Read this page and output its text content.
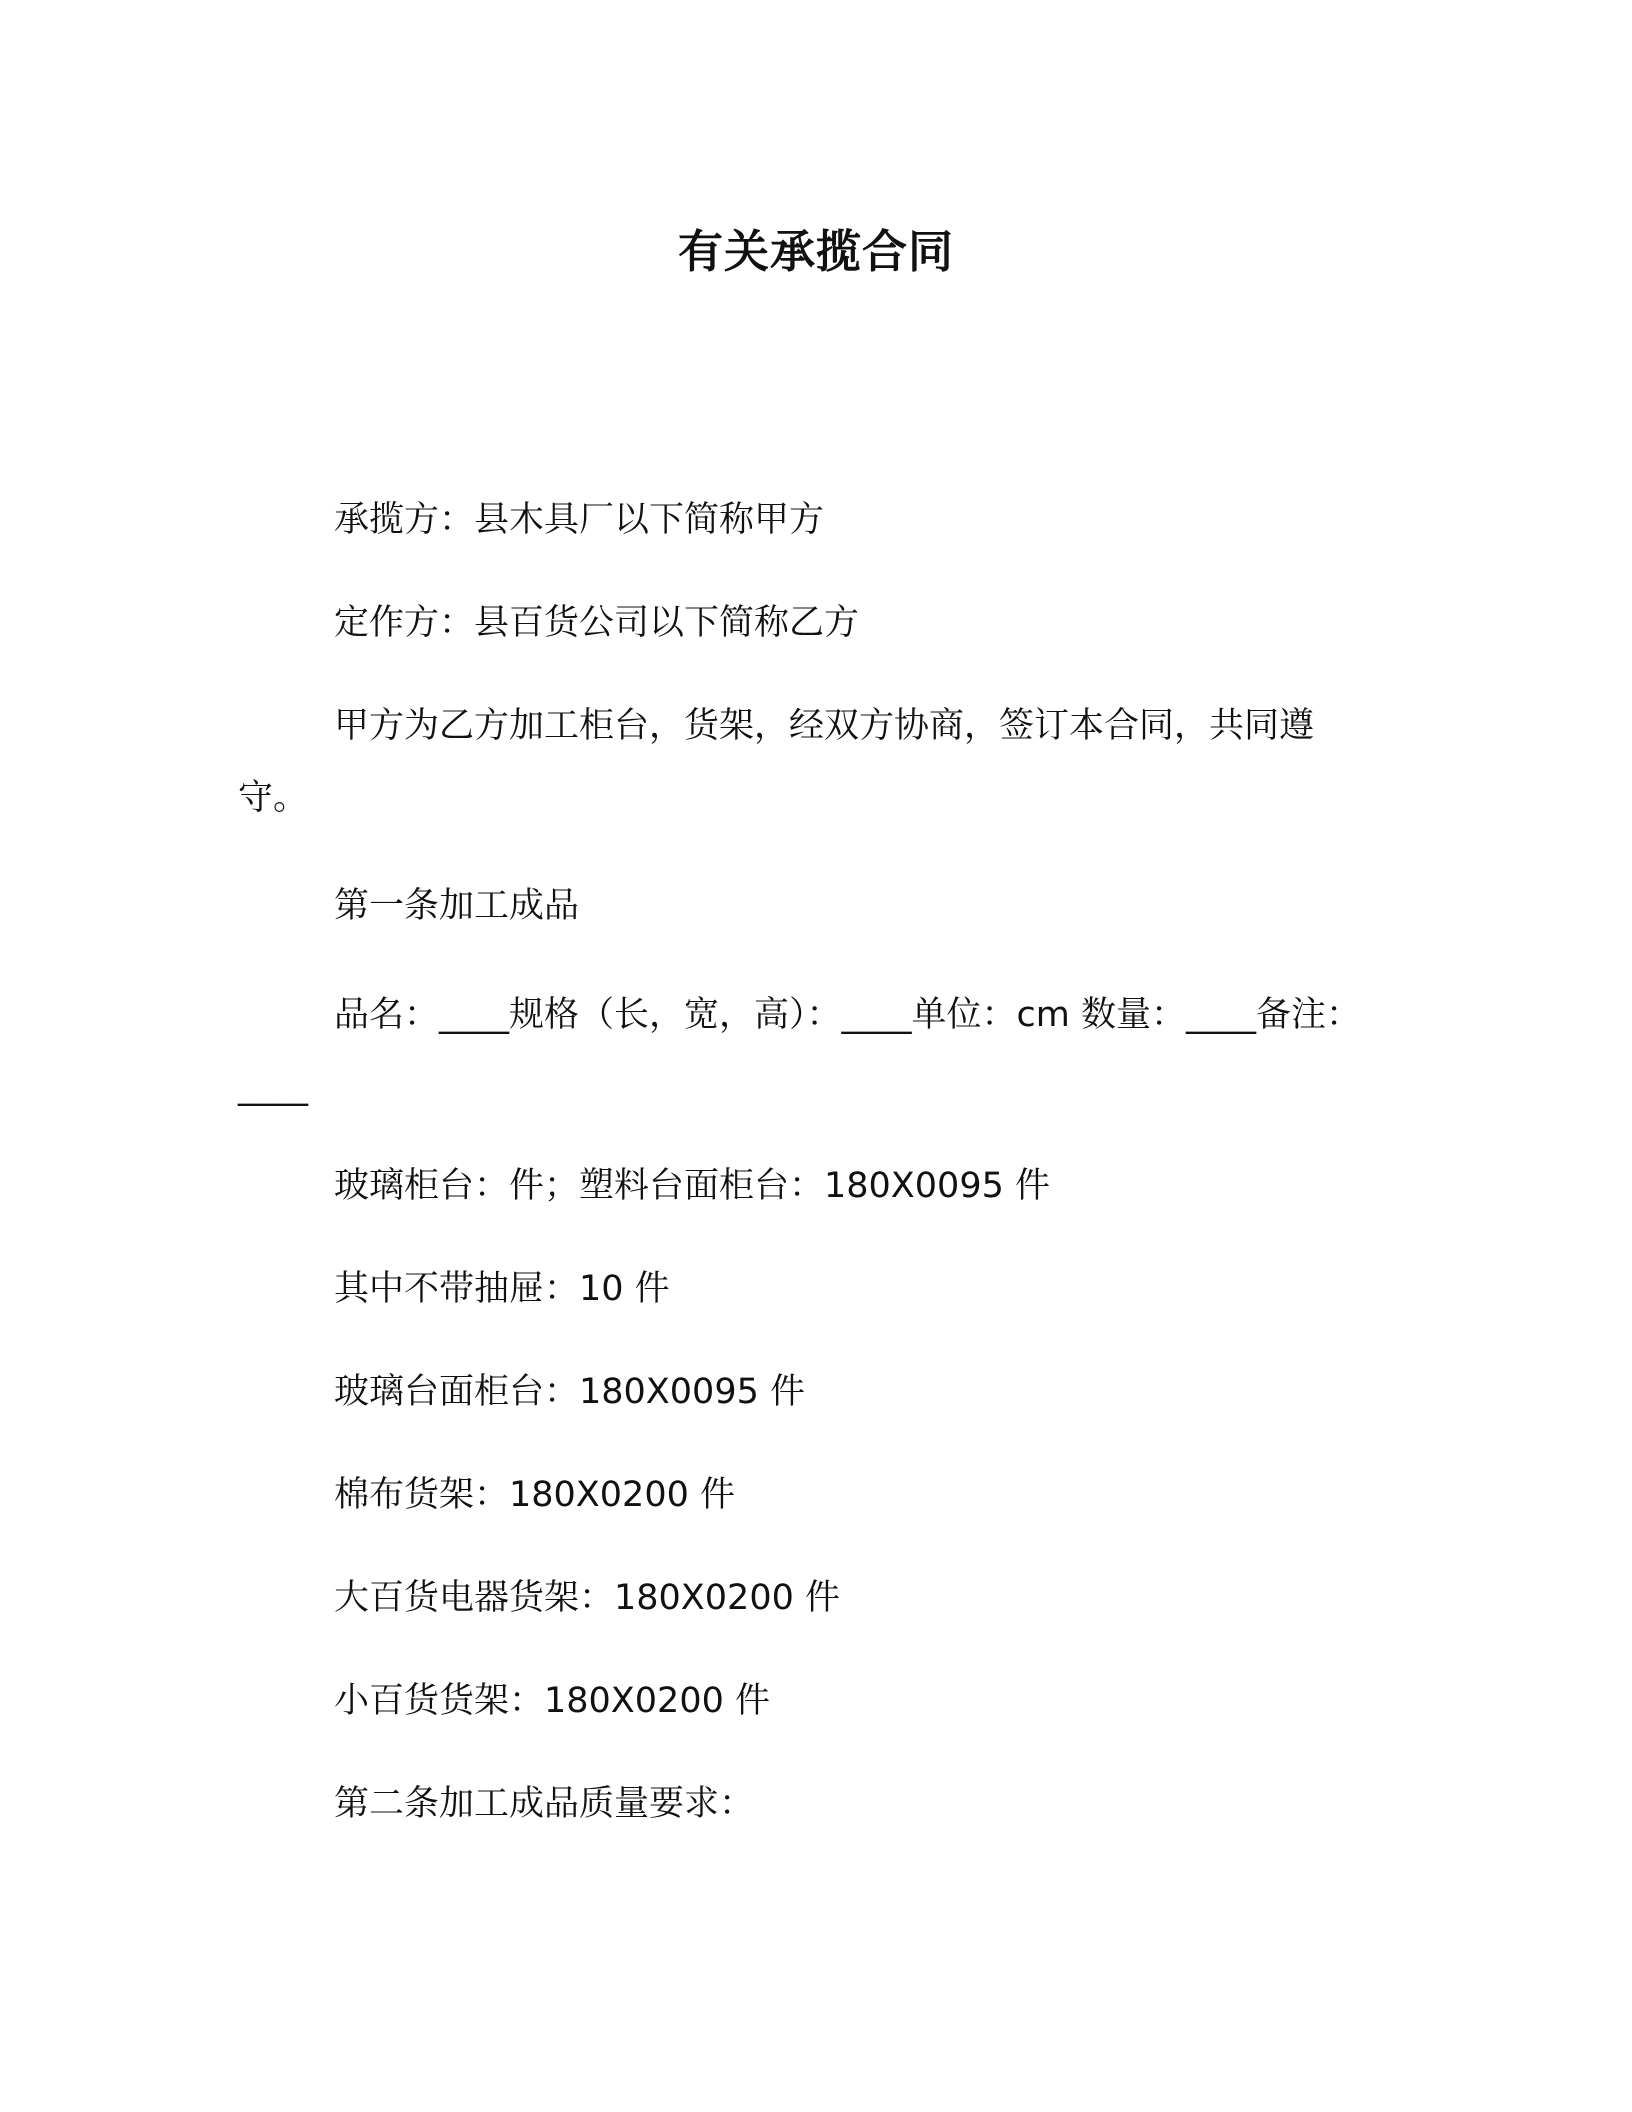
有关承揽合同

承揽方：县木具厂以下简称甲方

定作方：县百货公司以下简称乙方

甲方为乙方加工柜台，货架，经双方协商，签订本合同，共同遵守。

第一条加工成品

品名：____规格（长，宽，高）：____单位：cm 数量：____备注：____

玻璃柜台：件；塑料台面柜台：180X0095 件

其中不带抽屉：10 件

玻璃台面柜台：180X0095 件

棉布货架：180X0200 件

大百货电器货架：180X0200 件

小百货货架：180X0200 件

第二条加工成品质量要求：
